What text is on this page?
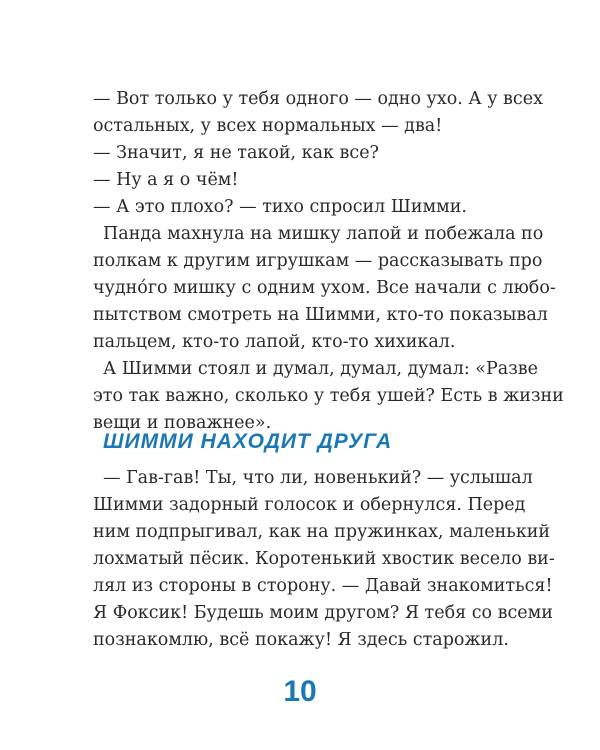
— Вот только у тебя одного — одно ухо. А у всех

остальных, у всех нормальных — два!

— Значит, я не такой, как все?

— Ну а я о чём!

— А это плохо? — тихо спросил Шимми.

Панда махнула на мишку лапой и побежала по

полкам к другим игрушкам — рассказывать про

чудно́го мишку с одним ухом. Все начали с любо-

пытством смотреть на Шимми, кто-то показывал

пальцем, кто-то лапой, кто-то хихикал.

А Шимми стоял и думал, думал, думал: «Разве

это так важно, сколько у тебя ушей? Есть в жизни

вещи и поважнее».

ШИММИ НАХОДИТ ДРУГА

— Гав-гав! Ты, что ли, новенький? — услышал

Шимми задорный голосок и обернулся. Перед

ним подпрыгивал, как на пружинках, маленький

лохматый пёсик. Коротенький хвостик весело ви-

лял из стороны в сторону. — Давай знакомиться!

Я Фоксик! Будешь моим другом? Я тебя со всеми

познакомлю, всё покажу! Я здесь старожил.

10
